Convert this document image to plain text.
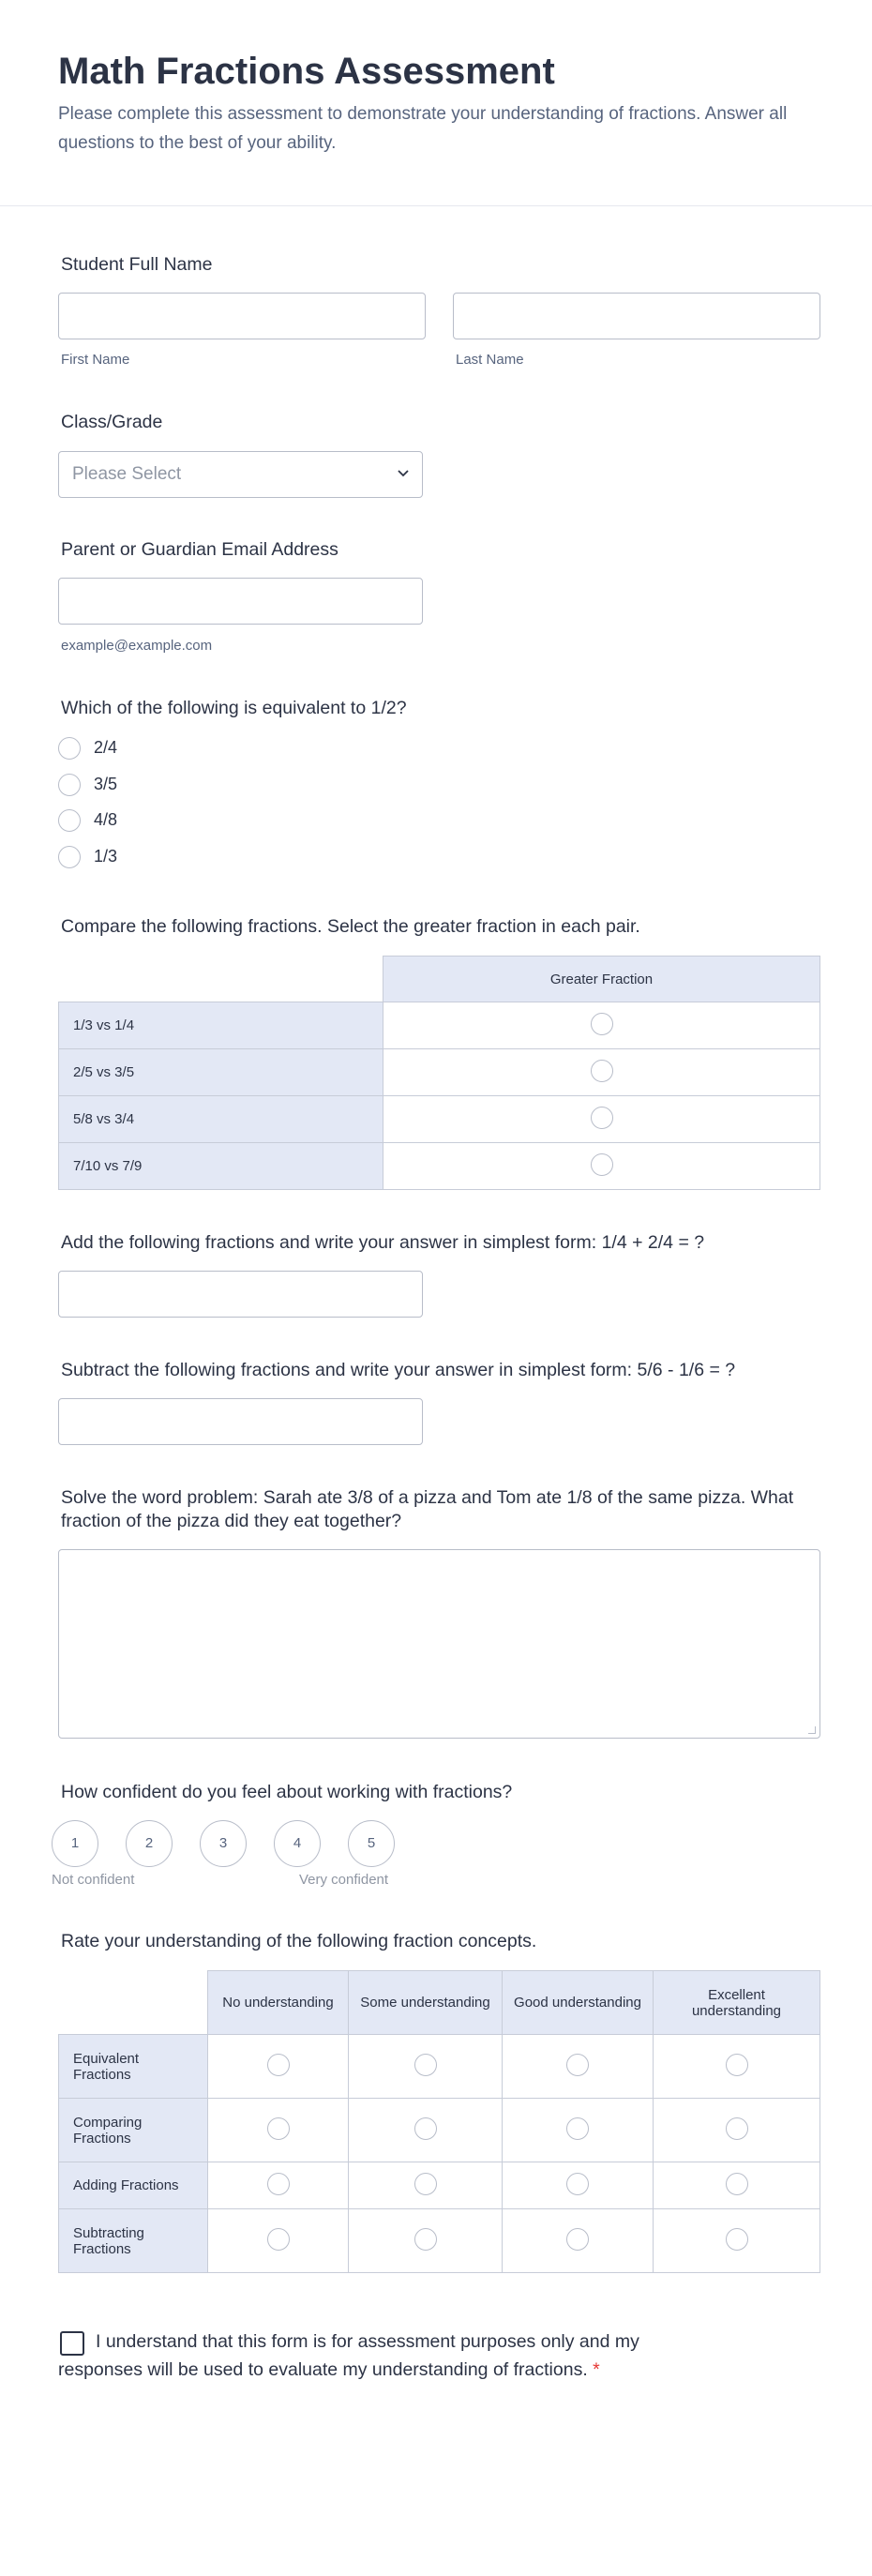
Math Fractions Assessment

Please complete this assessment to demonstrate your understanding of fractions. Answer all questions to the best of your ability.

Student Full Name
First Name	Last Name
Class/Grade
Please Select
Parent or Guardian Email Address
example@example.com
Which of the following is equivalent to 1/2?
2/4
3/5
4/8
1/3
Compare the following fractions. Select the greater fraction in each pair.
	Greater Fraction
1/3 vs 1/4	
2/5 vs 3/5	
5/8 vs 3/4	
7/10 vs 7/9	
Add the following fractions and write your answer in simplest form: 1/4 + 2/4 = ?
Subtract the following fractions and write your answer in simplest form: 5/6 - 1/6 = ?
Solve the word problem: Sarah ate 3/8 of a pizza and Tom ate 1/8 of the same pizza. What fraction of the pizza did they eat together?
How confident do you feel about working with fractions?
1	2	3	4	5
Not confident	Very confident
Rate your understanding of the following fraction concepts.
	No understanding	Some understanding	Good understanding	Excellent understanding
Equivalent Fractions				
Comparing Fractions				
Adding Fractions				
Subtracting Fractions				
I understand that this form is for assessment purposes only and my responses will be used to evaluate my understanding of fractions. *
